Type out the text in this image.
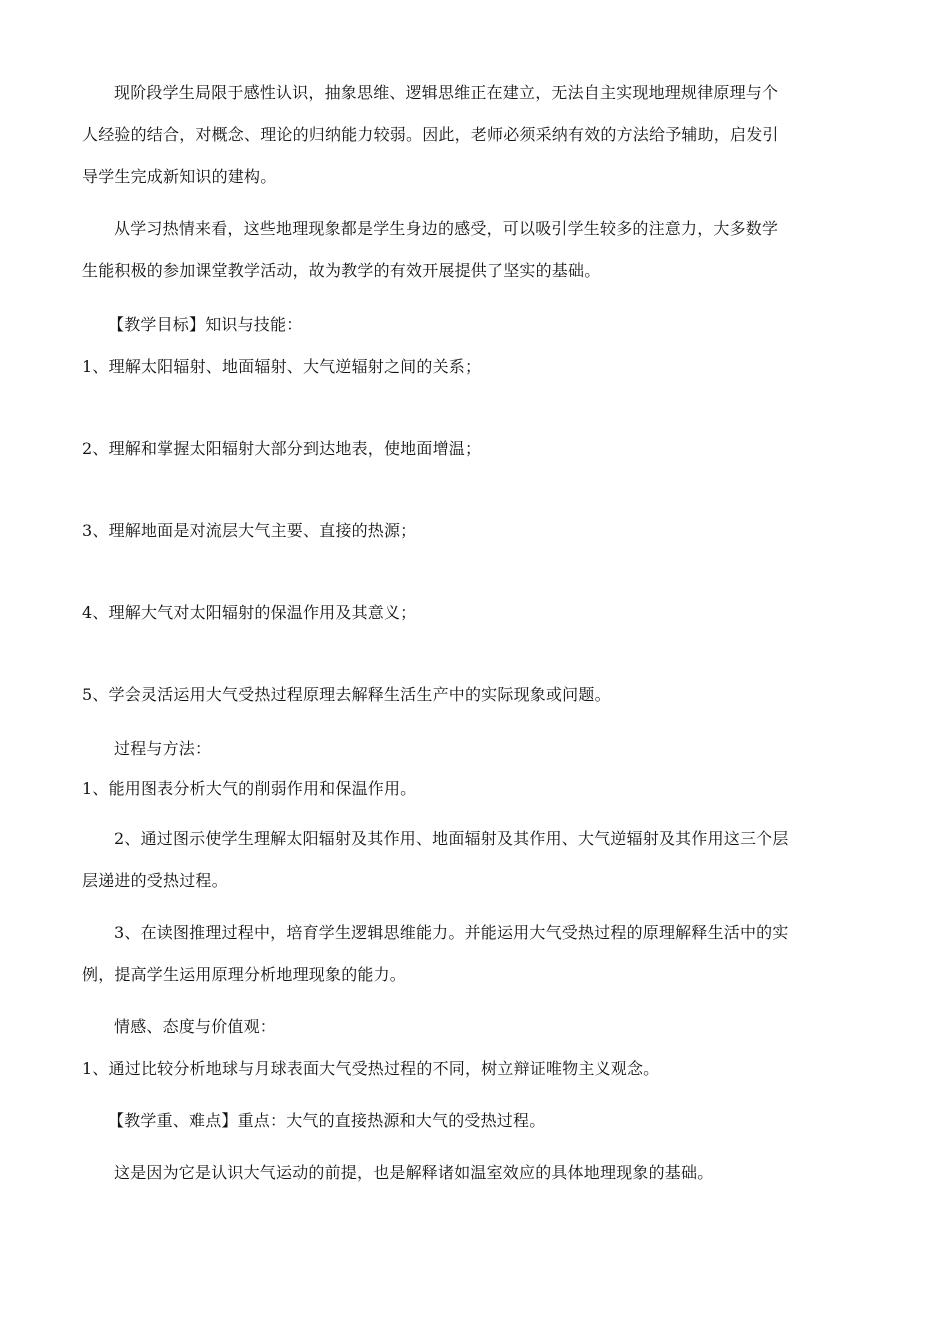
现阶段学生局限于感性认识，抽象思维、逻辑思维正在建立，无法自主实现地理规律原理与个
人经验的结合，对概念、理论的归纳能力较弱。因此，老师必须采纳有效的方法给予辅助，启发引
导学生完成新知识的建构。
从学习热情来看，这些地理现象都是学生身边的感受，可以吸引学生较多的注意力，大多数学
生能积极的参加课堂教学活动，故为教学的有效开展提供了坚实的基础。
【教学目标】知识与技能：
1、理解太阳辐射、地面辐射、大气逆辐射之间的关系；
2、理解和掌握太阳辐射大部分到达地表，使地面增温；
3、理解地面是对流层大气主要、直接的热源；
4、理解大气对太阳辐射的保温作用及其意义；
5、学会灵活运用大气受热过程原理去解释生活生产中的实际现象或问题。
过程与方法：
1、能用图表分析大气的削弱作用和保温作用。
2、通过图示使学生理解太阳辐射及其作用、地面辐射及其作用、大气逆辐射及其作用这三个层
层递进的受热过程。
3、在读图推理过程中，培育学生逻辑思维能力。并能运用大气受热过程的原理解释生活中的实
例，提高学生运用原理分析地理现象的能力。
情感、态度与价值观：
1、通过比较分析地球与月球表面大气受热过程的不同，树立辩证唯物主义观念。
【教学重、难点】重点：大气的直接热源和大气的受热过程。
这是因为它是认识大气运动的前提，也是解释诸如温室效应的具体地理现象的基础。
